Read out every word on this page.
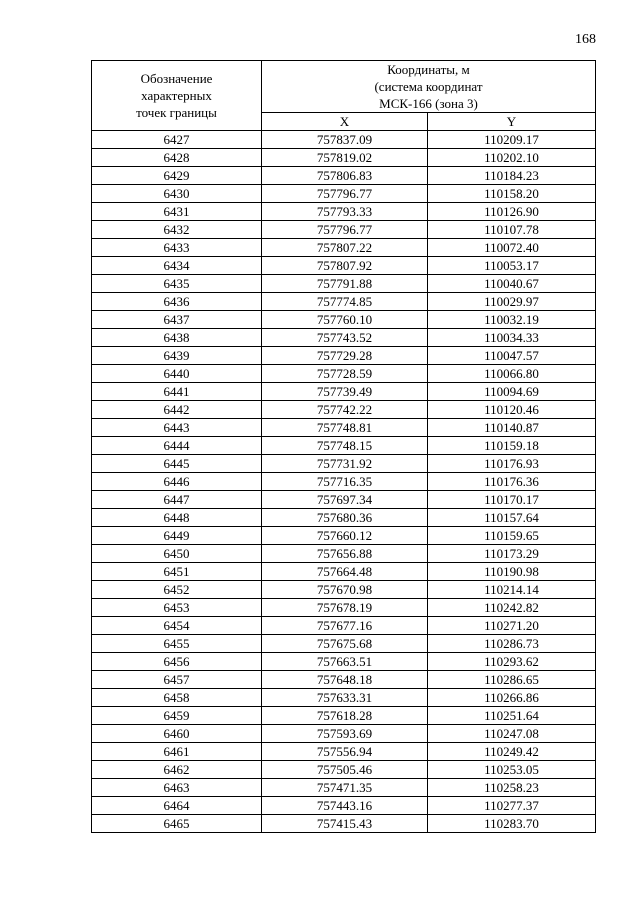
168
Обозначение
характерных
точек границы	Координаты, м
(система координат
МСК-166 (зона 3)	

	X	Y
6427	757837.09	110209.17
6428	757819.02	110202.10
6429	757806.83	110184.23
6430	757796.77	110158.20
6431	757793.33	110126.90
6432	757796.77	110107.78
6433	757807.22	110072.40
6434	757807.92	110053.17
6435	757791.88	110040.67
6436	757774.85	110029.97
6437	757760.10	110032.19
6438	757743.52	110034.33
6439	757729.28	110047.57
6440	757728.59	110066.80
6441	757739.49	110094.69
6442	757742.22	110120.46
6443	757748.81	110140.87
6444	757748.15	110159.18
6445	757731.92	110176.93
6446	757716.35	110176.36
6447	757697.34	110170.17
6448	757680.36	110157.64
6449	757660.12	110159.65
6450	757656.88	110173.29
6451	757664.48	110190.98
6452	757670.98	110214.14
6453	757678.19	110242.82
6454	757677.16	110271.20
6455	757675.68	110286.73
6456	757663.51	110293.62
6457	757648.18	110286.65
6458	757633.31	110266.86
6459	757618.28	110251.64
6460	757593.69	110247.08
6461	757556.94	110249.42
6462	757505.46	110253.05
6463	757471.35	110258.23
6464	757443.16	110277.37
6465	757415.43	110283.70
